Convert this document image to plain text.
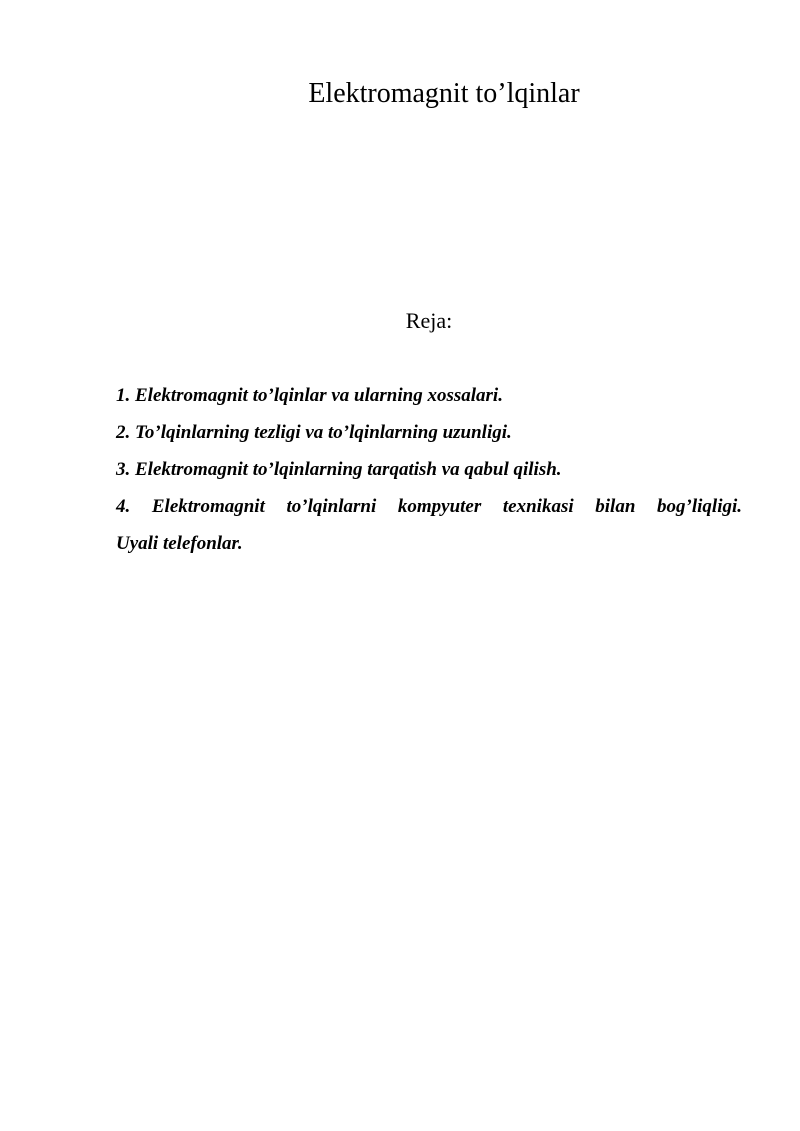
Elektromagnit to’lqinlar
Reja:
1. Elektromagnit to’lqinlar va ularning xossalari.
2. To’lqinlarning tezligi va to’lqinlarning uzunligi.
3. Elektromagnit to’lqinlarning tarqatish va qabul qilish.
4. Elektromagnit to’lqinlarni kompyuter texnikasi bilan bog’liqligi.
Uyali telefonlar.
